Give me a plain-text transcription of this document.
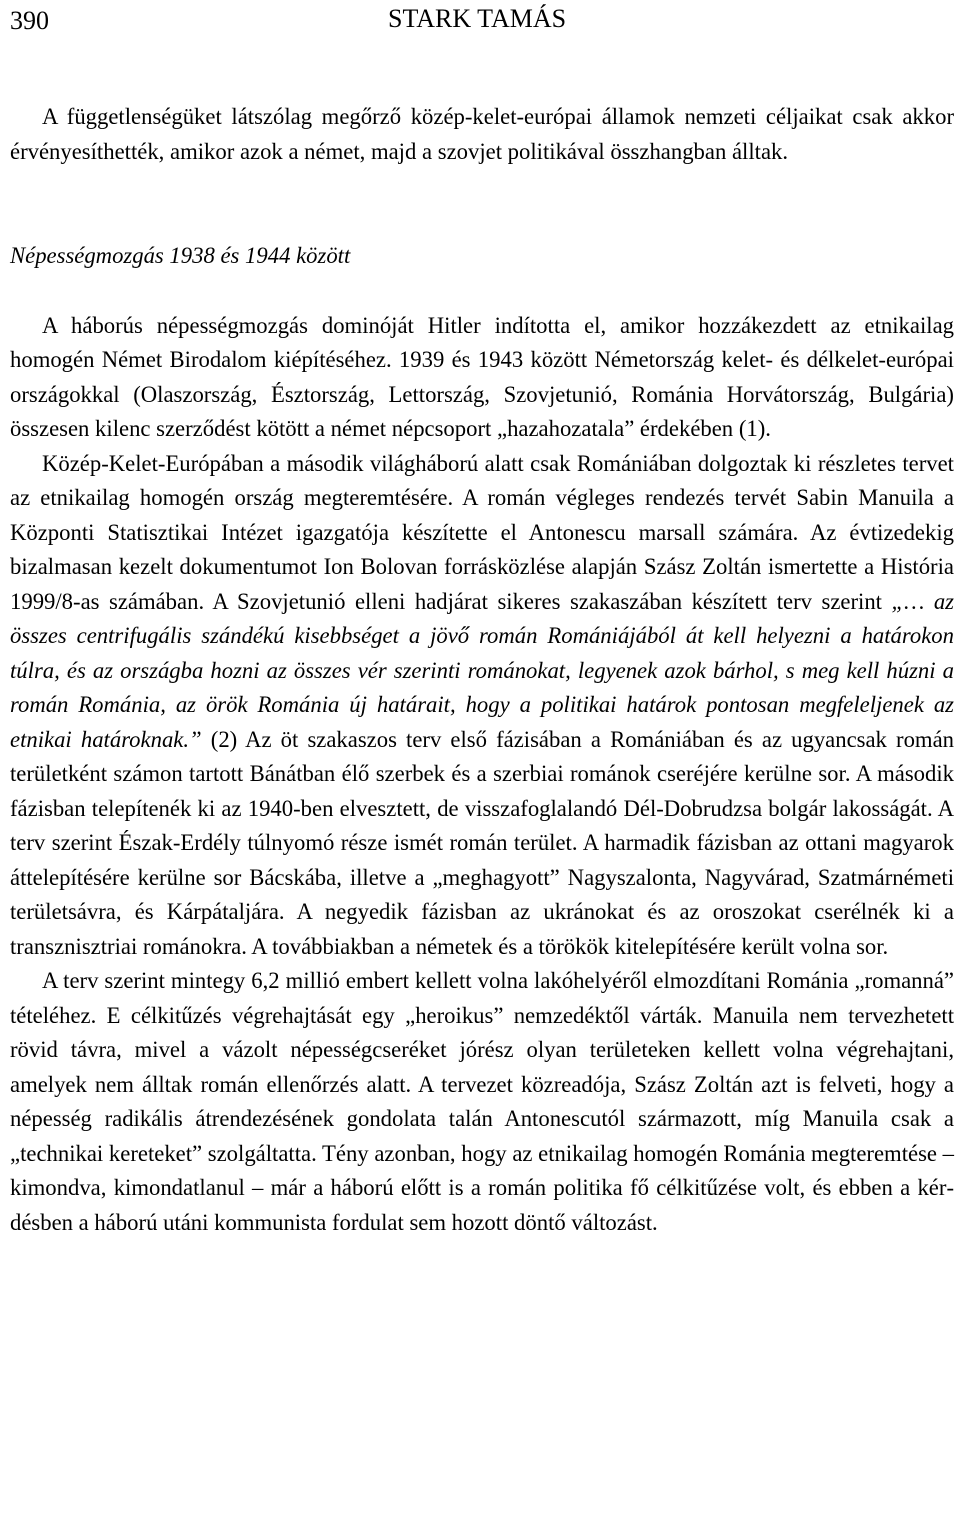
390	STARK TAMÁS

A függetlenségüket látszólag megőrző közép-kelet-európai államok nemzeti céljaikat csak akkor érvényesíthették, amikor azok a német, majd a szovjet politikával összhangban álltak.

Népességmozgás 1938 és 1944 között

A háborús népességmozgás dominóját Hitler indította el, amikor hozzákezdett az etnikailag homogén Német Birodalom kiépítéséhez. 1939 és 1943 között Németország kelet- és délkelet-európai országokkal (Olaszország, Észtország, Lettország, Szovjetunió, Románia Horvátország, Bulgária) összesen kilenc szerződést kötött a német népcsoport „hazahozatala” érdekében (1).

Közép-Kelet-Európában a második világháború alatt csak Romániában dolgoztak ki részletes tervet az etnikailag homogén ország megteremtésére. A román végleges rendezés tervét Sabin Manuila a Központi Statisztikai Intézet igazgatója készítette el Antonescu marsall számára. Az évtizedekig bizalmasan kezelt dokumentumot Ion Bolovan forrásközlése alapján Szász Zoltán ismertette a História 1999/8-as számában. A Szovjetunió elleni hadjárat sikeres szakaszában készített terv szerint „… az összes centrifugális szándékú kisebbséget a jövő román Romániájából át kell helyezni a határokon túlra, és az országba hozni az összes vér szerinti románokat, legyenek azok bárhol, s meg kell húzni a román Románia, az örök Románia új határait, hogy a politikai határok pontosan megfeleljenek az etnikai határoknak.” (2) Az öt szakaszos terv első fázisában a Romániában és az ugyancsak román területként számon tartott Bánátban élő szerbek és a szerbiai románok cseréjére kerülne sor. A második fázisban telepítenék ki az 1940-ben elvesztett, de visszafoglalandó Dél-Dobrudzsa bolgár lakosságát. A terv szerint Észak-Erdély túlnyomó része ismét román terület. A harmadik fázisban az ottani magyarok áttelepítésére kerülne sor Bácskába, illetve a „meghagyott” Nagyszalonta, Nagyvárad, Szatmárnémeti területsávra, és Kárpátaljára. A negyedik fázisban az ukránokat és az oroszokat cserélnék ki a transznisztriai románokra. A továbbiakban a németek és a törökök kitelepítésére került volna sor.

A terv szerint mintegy 6,2 millió embert kellett volna lakóhelyéről elmozdítani Románia „romanná” tételéhez. E célkitűzés végrehajtását egy „heroikus” nemzedéktől várták. Manuila nem tervezhetett rövid távra, mivel a vázolt népességcseréket jórész olyan területeken kellett volna végrehajtani, amelyek nem álltak román ellenőrzés alatt. A tervezet közreadója, Szász Zoltán azt is felveti, hogy a népesség radikális átrendezésének gondolata talán Antonescutól származott, míg Manuila csak a „technikai kereteket” szolgáltatta. Tény azonban, hogy az etnikailag homogén Románia megteremtése – kimondva, kimondatlanul – már a háború előtt is a román politika fő célkitűzése volt, és ebben a kérdésben a háború utáni kommunista fordulat sem hozott döntő változást.
